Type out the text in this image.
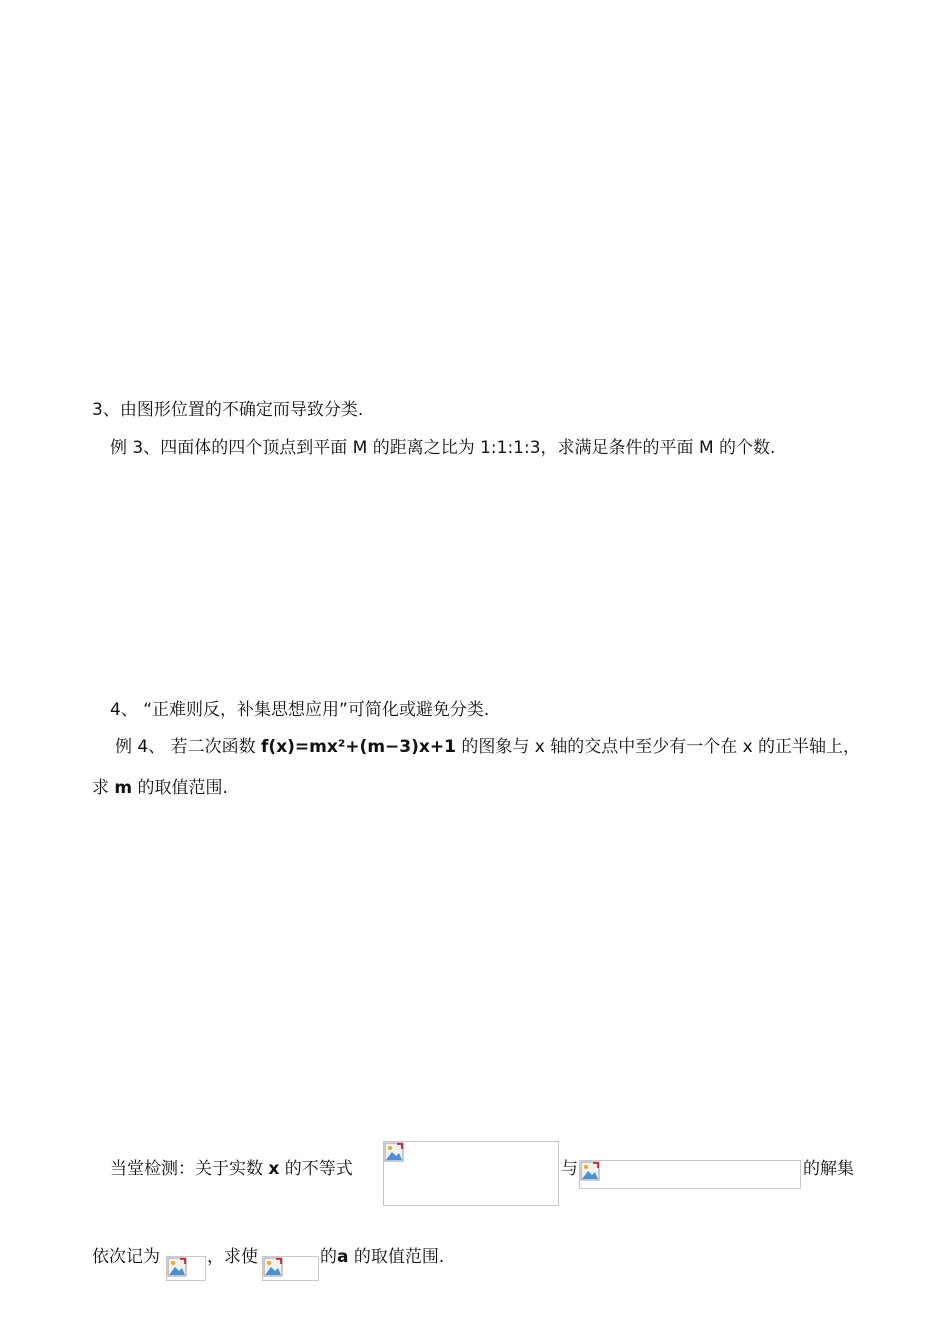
3、由图形位置的不确定而导致分类.
例 3、四面体的四个顶点到平面 M 的距离之比为 1:1:1:3，求满足条件的平面 M 的个数.
4、 “正难则反，补集思想应用”可简化或避免分类.
例 4、 若二次函数 f(x)=mx²+(m−3)x+1 的图象与 x 轴的交点中至少有一个在 x 的正半轴上，
求 m 的取值范围.
当堂检测：关于实数 x 的不等式	与	的解集
依次记为	，求使	的a 的取值范围.
